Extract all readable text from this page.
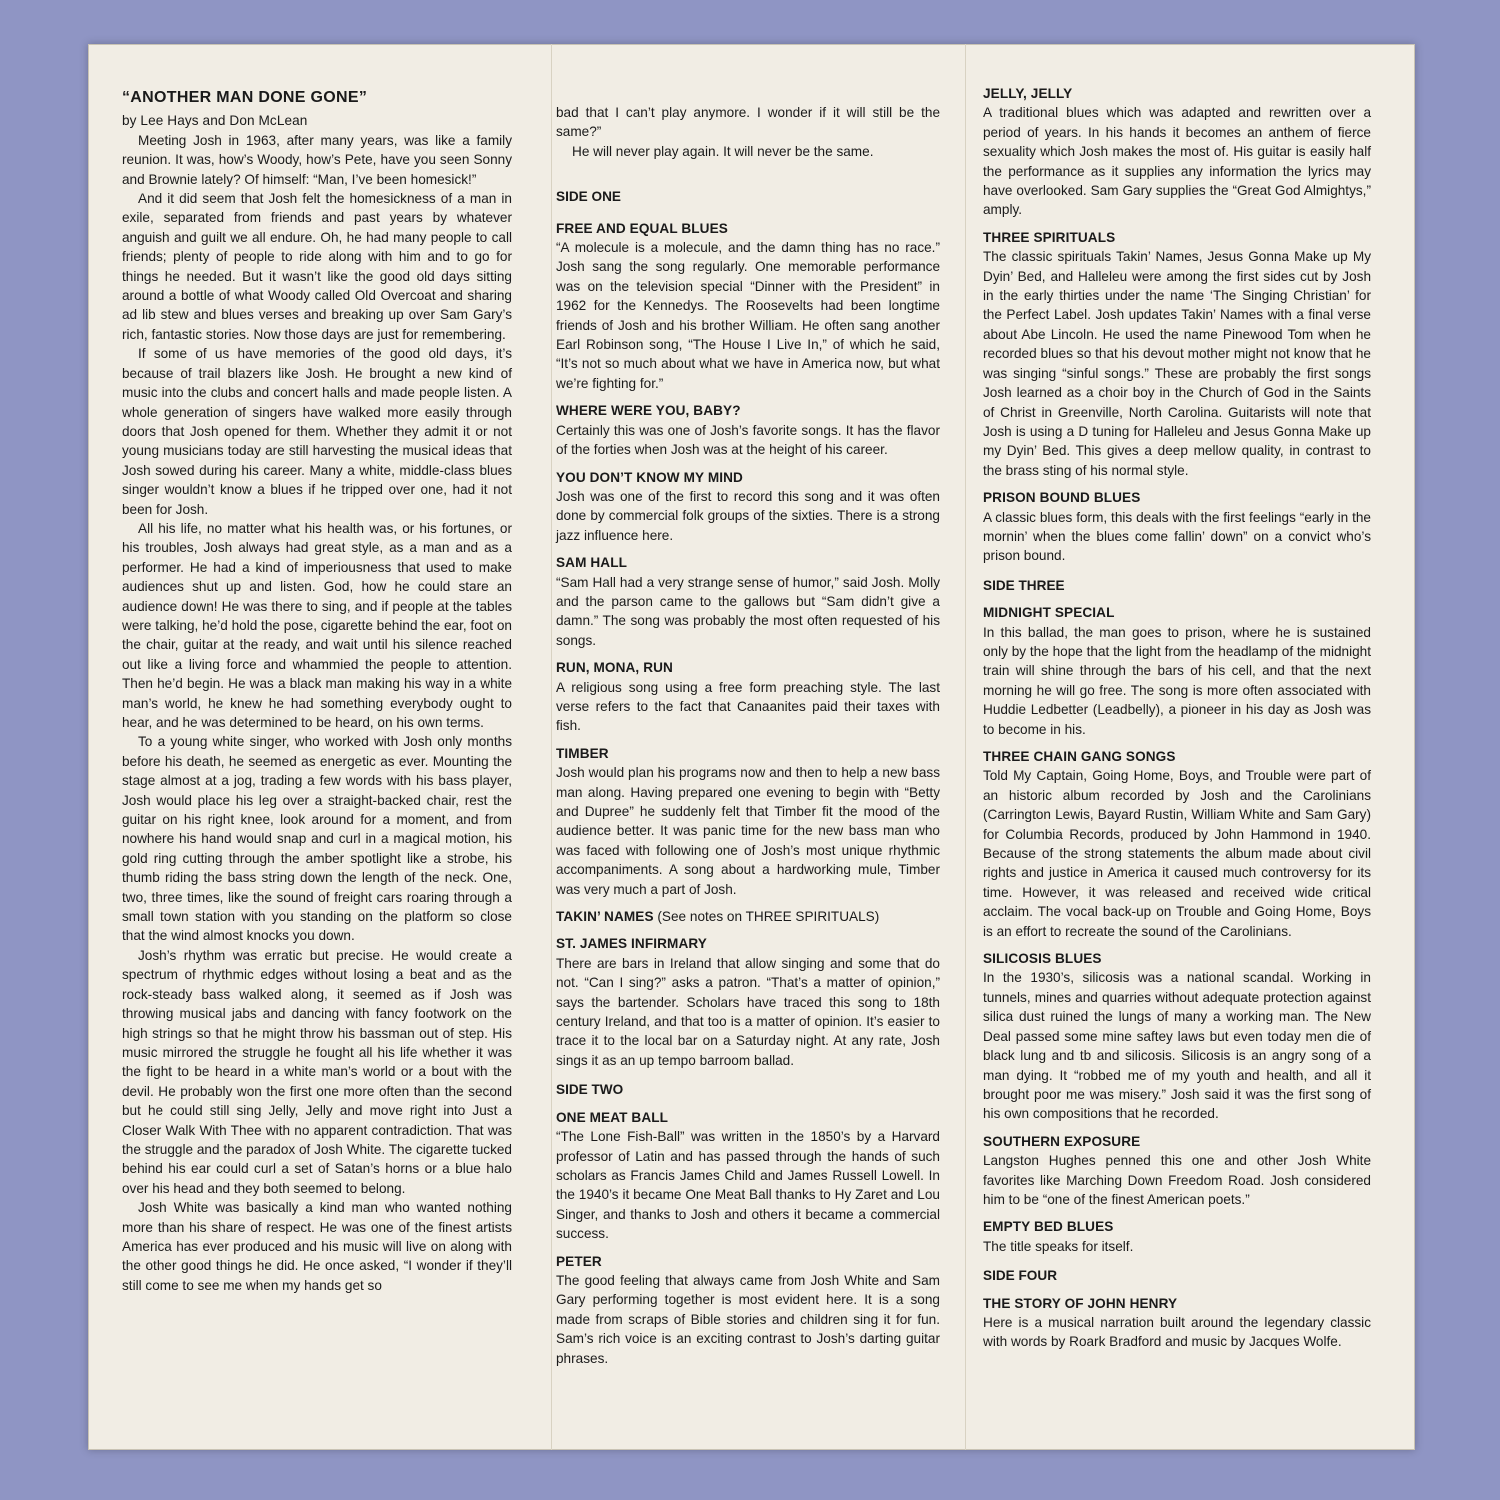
“ANOTHER MAN DONE GONE”
by Lee Hays and Don McLean

Meeting Josh in 1963, after many years, was like a family reunion. It was, how’s Woody, how’s Pete, have you seen Sonny and Brownie lately? Of himself: “Man, I’ve been homesick!”

And it did seem that Josh felt the homesickness of a man in exile, separated from friends and past years by whatever anguish and guilt we all endure. Oh, he had many people to call friends; plenty of people to ride along with him and to go for things he needed. But it wasn’t like the good old days sitting around a bottle of what Woody called Old Overcoat and sharing ad lib stew and blues verses and breaking up over Sam Gary’s rich, fantastic stories. Now those days are just for remembering.

If some of us have memories of the good old days, it’s because of trail blazers like Josh. He brought a new kind of music into the clubs and concert halls and made people listen. A whole generation of singers have walked more easily through doors that Josh opened for them. Whether they admit it or not young musicians today are still harvesting the musical ideas that Josh sowed during his career. Many a white, middle-class blues singer wouldn’t know a blues if he tripped over one, had it not been for Josh.

All his life, no matter what his health was, or his fortunes, or his troubles, Josh always had great style, as a man and as a performer. He had a kind of imperiousness that used to make audiences shut up and listen. God, how he could stare an audience down! He was there to sing, and if people at the tables were talking, he’d hold the pose, cigarette behind the ear, foot on the chair, guitar at the ready, and wait until his silence reached out like a living force and whammied the people to attention. Then he’d begin. He was a black man making his way in a white man’s world, he knew he had something everybody ought to hear, and he was determined to be heard, on his own terms.

To a young white singer, who worked with Josh only months before his death, he seemed as energetic as ever. Mounting the stage almost at a jog, trading a few words with his bass player, Josh would place his leg over a straight-backed chair, rest the guitar on his right knee, look around for a moment, and from nowhere his hand would snap and curl in a magical motion, his gold ring cutting through the amber spotlight like a strobe, his thumb riding the bass string down the length of the neck. One, two, three times, like the sound of freight cars roaring through a small town station with you standing on the platform so close that the wind almost knocks you down.

Josh’s rhythm was erratic but precise. He would create a spectrum of rhythmic edges without losing a beat and as the rock-steady bass walked along, it seemed as if Josh was throwing musical jabs and dancing with fancy footwork on the high strings so that he might throw his bassman out of step. His music mirrored the struggle he fought all his life whether it was the fight to be heard in a white man’s world or a bout with the devil. He probably won the first one more often than the second but he could still sing Jelly, Jelly and move right into Just a Closer Walk With Thee with no apparent contradiction. That was the struggle and the paradox of Josh White. The cigarette tucked behind his ear could curl a set of Satan’s horns or a blue halo over his head and they both seemed to belong.

Josh White was basically a kind man who wanted nothing more than his share of respect. He was one of the finest artists America has ever produced and his music will live on along with the other good things he did. He once asked, “I wonder if they’ll still come to see me when my hands get so

bad that I can’t play anymore. I wonder if it will still be the same?”

He will never play again. It will never be the same.

SIDE ONE
FREE AND EQUAL BLUES

“A molecule is a molecule, and the damn thing has no race.” Josh sang the song regularly. One memorable performance was on the television special “Dinner with the President” in 1962 for the Kennedys. The Roosevelts had been longtime friends of Josh and his brother William. He often sang another Earl Robinson song, “The House I Live In,” of which he said, “It’s not so much about what we have in America now, but what we’re fighting for.”

WHERE WERE YOU, BABY?

Certainly this was one of Josh’s favorite songs. It has the flavor of the forties when Josh was at the height of his career.

YOU DON’T KNOW MY MIND

Josh was one of the first to record this song and it was often done by commercial folk groups of the sixties. There is a strong jazz influence here.

SAM HALL

“Sam Hall had a very strange sense of humor,” said Josh. Molly and the parson came to the gallows but “Sam didn’t give a damn.” The song was probably the most often requested of his songs.

RUN, MONA, RUN

A religious song using a free form preaching style. The last verse refers to the fact that Canaanites paid their taxes with fish.

TIMBER

Josh would plan his programs now and then to help a new bass man along. Having prepared one evening to begin with “Betty and Dupree” he suddenly felt that Timber fit the mood of the audience better. It was panic time for the new bass man who was faced with following one of Josh’s most unique rhythmic accompaniments. A song about a hardworking mule, Timber was very much a part of Josh.

TAKIN’ NAMES (See notes on THREE SPIRITUALS)
ST. JAMES INFIRMARY

There are bars in Ireland that allow singing and some that do not. “Can I sing?” asks a patron. “That’s a matter of opinion,” says the bartender. Scholars have traced this song to 18th century Ireland, and that too is a matter of opinion. It’s easier to trace it to the local bar on a Saturday night. At any rate, Josh sings it as an up tempo barroom ballad.

SIDE TWO
ONE MEAT BALL

“The Lone Fish-Ball” was written in the 1850’s by a Harvard professor of Latin and has passed through the hands of such scholars as Francis James Child and James Russell Lowell. In the 1940’s it became One Meat Ball thanks to Hy Zaret and Lou Singer, and thanks to Josh and others it became a commercial success.

PETER

The good feeling that always came from Josh White and Sam Gary performing together is most evident here. It is a song made from scraps of Bible stories and children sing it for fun. Sam’s rich voice is an exciting contrast to Josh’s darting guitar phrases.

JELLY, JELLY

A traditional blues which was adapted and rewritten over a period of years. In his hands it becomes an anthem of fierce sexuality which Josh makes the most of. His guitar is easily half the performance as it supplies any information the lyrics may have overlooked. Sam Gary supplies the “Great God Almightys,” amply.

THREE SPIRITUALS

The classic spirituals Takin’ Names, Jesus Gonna Make up My Dyin’ Bed, and Halleleu were among the first sides cut by Josh in the early thirties under the name ‘The Singing Christian’ for the Perfect Label. Josh updates Takin’ Names with a final verse about Abe Lincoln. He used the name Pinewood Tom when he recorded blues so that his devout mother might not know that he was singing “sinful songs.” These are probably the first songs Josh learned as a choir boy in the Church of God in the Saints of Christ in Greenville, North Carolina. Guitarists will note that Josh is using a D tuning for Halleleu and Jesus Gonna Make up my Dyin’ Bed. This gives a deep mellow quality, in contrast to the brass sting of his normal style.

PRISON BOUND BLUES

A classic blues form, this deals with the first feelings “early in the mornin’ when the blues come fallin’ down” on a convict who’s prison bound.

SIDE THREE
MIDNIGHT SPECIAL

In this ballad, the man goes to prison, where he is sustained only by the hope that the light from the headlamp of the midnight train will shine through the bars of his cell, and that the next morning he will go free. The song is more often associated with Huddie Ledbetter (Leadbelly), a pioneer in his day as Josh was to become in his.

THREE CHAIN GANG SONGS

Told My Captain, Going Home, Boys, and Trouble were part of an historic album recorded by Josh and the Carolinians (Carrington Lewis, Bayard Rustin, William White and Sam Gary) for Columbia Records, produced by John Hammond in 1940. Because of the strong statements the album made about civil rights and justice in America it caused much controversy for its time. However, it was released and received wide critical acclaim. The vocal back-up on Trouble and Going Home, Boys is an effort to recreate the sound of the Carolinians.

SILICOSIS BLUES

In the 1930’s, silicosis was a national scandal. Working in tunnels, mines and quarries without adequate protection against silica dust ruined the lungs of many a working man. The New Deal passed some mine saftey laws but even today men die of black lung and tb and silicosis. Silicosis is an angry song of a man dying. It “robbed me of my youth and health, and all it brought poor me was misery.” Josh said it was the first song of his own compositions that he recorded.

SOUTHERN EXPOSURE

Langston Hughes penned this one and other Josh White favorites like Marching Down Freedom Road. Josh considered him to be “one of the finest American poets.”

EMPTY BED BLUES

The title speaks for itself.

SIDE FOUR
THE STORY OF JOHN HENRY

Here is a musical narration built around the legendary classic with words by Roark Bradford and music by Jacques Wolfe.
